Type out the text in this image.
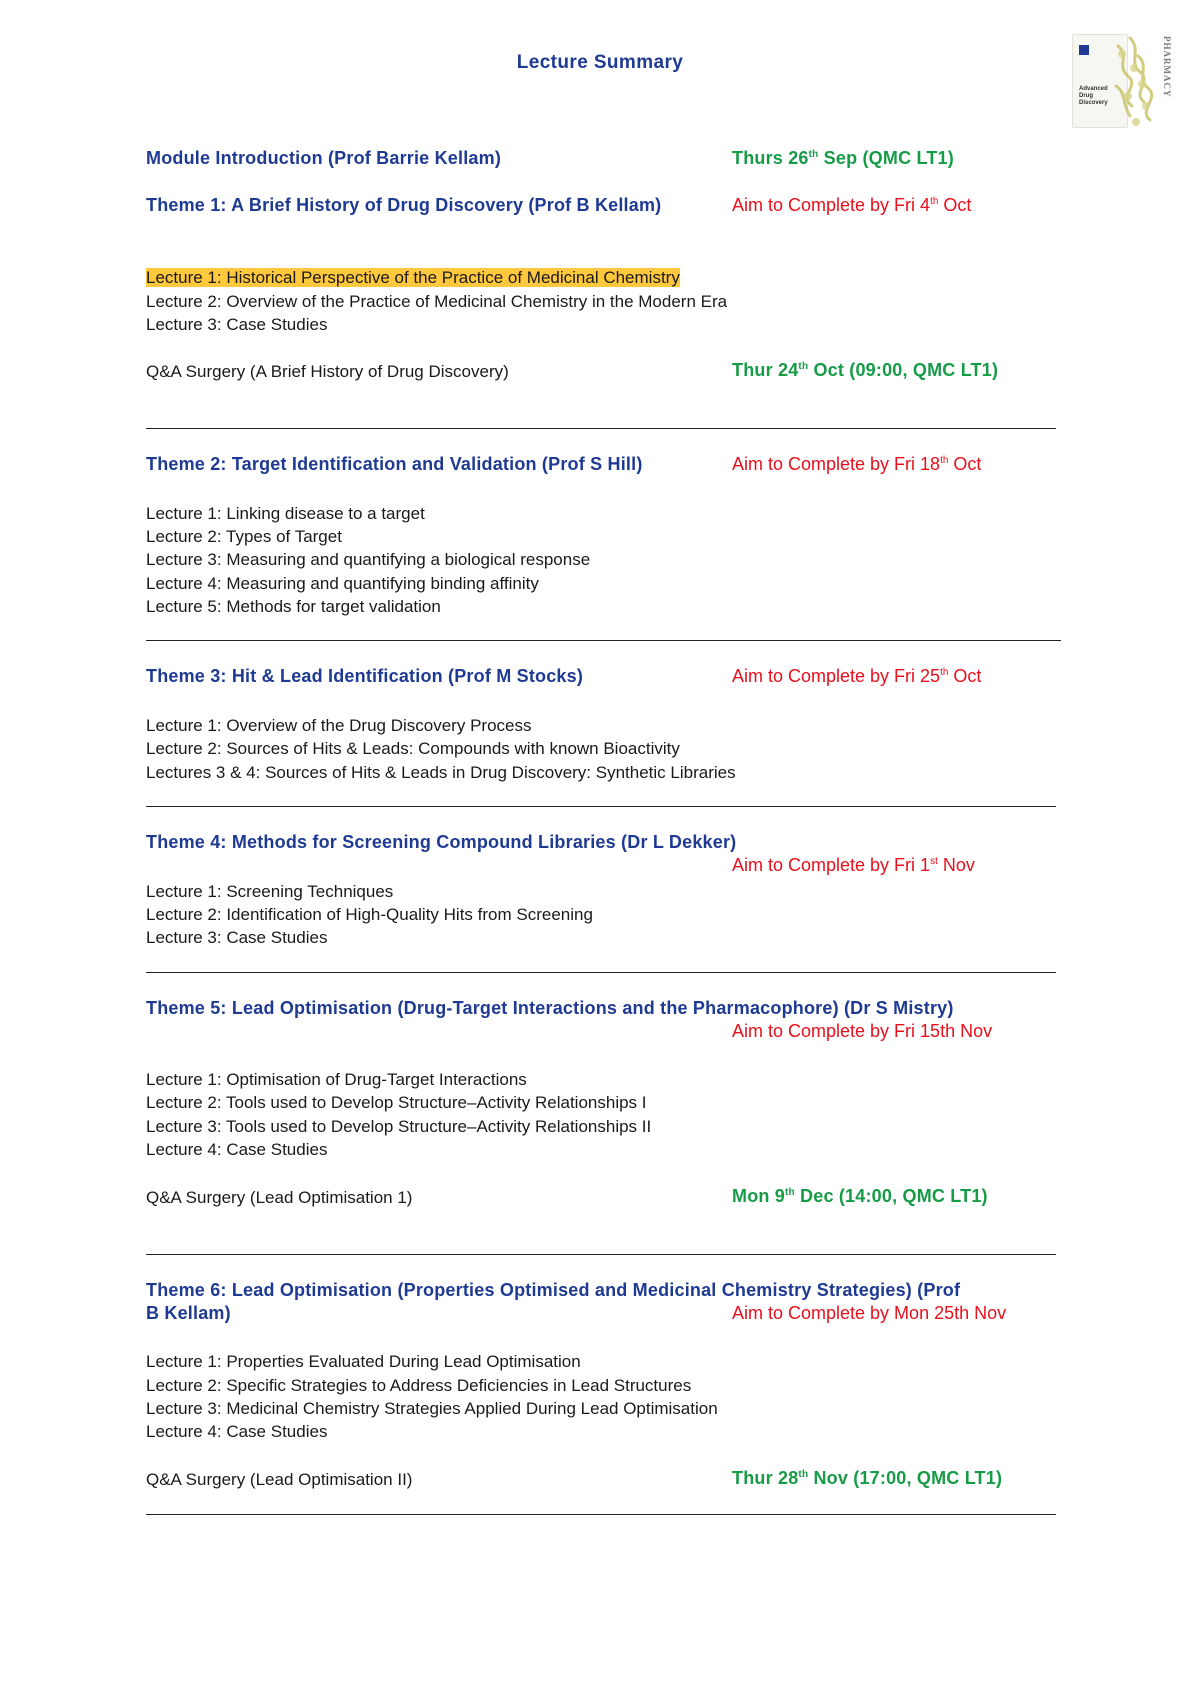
Lecture Summary
Advanced
Drug
Discovery
PHARMACY
Module Introduction (Prof Barrie Kellam)	Thurs 26th Sep (QMC LT1)
Theme 1: A Brief History of Drug Discovery (Prof B Kellam)	Aim to Complete by Fri 4th Oct
Lecture 1: Historical Perspective of the Practice of Medicinal Chemistry
Lecture 2: Overview of the Practice of Medicinal Chemistry in the Modern Era
Lecture 3: Case Studies
Q&A Surgery (A Brief History of Drug Discovery)	Thur 24th Oct (09:00, QMC LT1)
Theme 2: Target Identification and Validation (Prof S Hill)	Aim to Complete by Fri 18th Oct
Lecture 1: Linking disease to a target
Lecture 2: Types of Target
Lecture 3: Measuring and quantifying a biological response
Lecture 4: Measuring and quantifying binding affinity
Lecture 5: Methods for target validation
Theme 3: Hit & Lead Identification (Prof M Stocks)	Aim to Complete by Fri 25th Oct
Lecture 1: Overview of the Drug Discovery Process
Lecture 2: Sources of Hits & Leads: Compounds with known Bioactivity
Lectures 3 & 4: Sources of Hits & Leads in Drug Discovery: Synthetic Libraries
Theme 4: Methods for Screening Compound Libraries (Dr L Dekker)
Aim to Complete by Fri 1st Nov
Lecture 1: Screening Techniques
Lecture 2: Identification of High-Quality Hits from Screening
Lecture 3: Case Studies
Theme 5: Lead Optimisation (Drug-Target Interactions and the Pharmacophore) (Dr S Mistry)
Aim to Complete by Fri 15th Nov
Lecture 1: Optimisation of Drug-Target Interactions
Lecture 2: Tools used to Develop Structure–Activity Relationships I
Lecture 3: Tools used to Develop Structure–Activity Relationships II
Lecture 4: Case Studies
Q&A Surgery (Lead Optimisation 1)	Mon 9th Dec (14:00, QMC LT1)
Theme 6: Lead Optimisation (Properties Optimised and Medicinal Chemistry Strategies) (Prof
B Kellam)	Aim to Complete by Mon 25th Nov
Lecture 1: Properties Evaluated During Lead Optimisation
Lecture 2: Specific Strategies to Address Deficiencies in Lead Structures
Lecture 3: Medicinal Chemistry Strategies Applied During Lead Optimisation
Lecture 4: Case Studies
Q&A Surgery (Lead Optimisation II)	Thur 28th Nov (17:00, QMC LT1)
